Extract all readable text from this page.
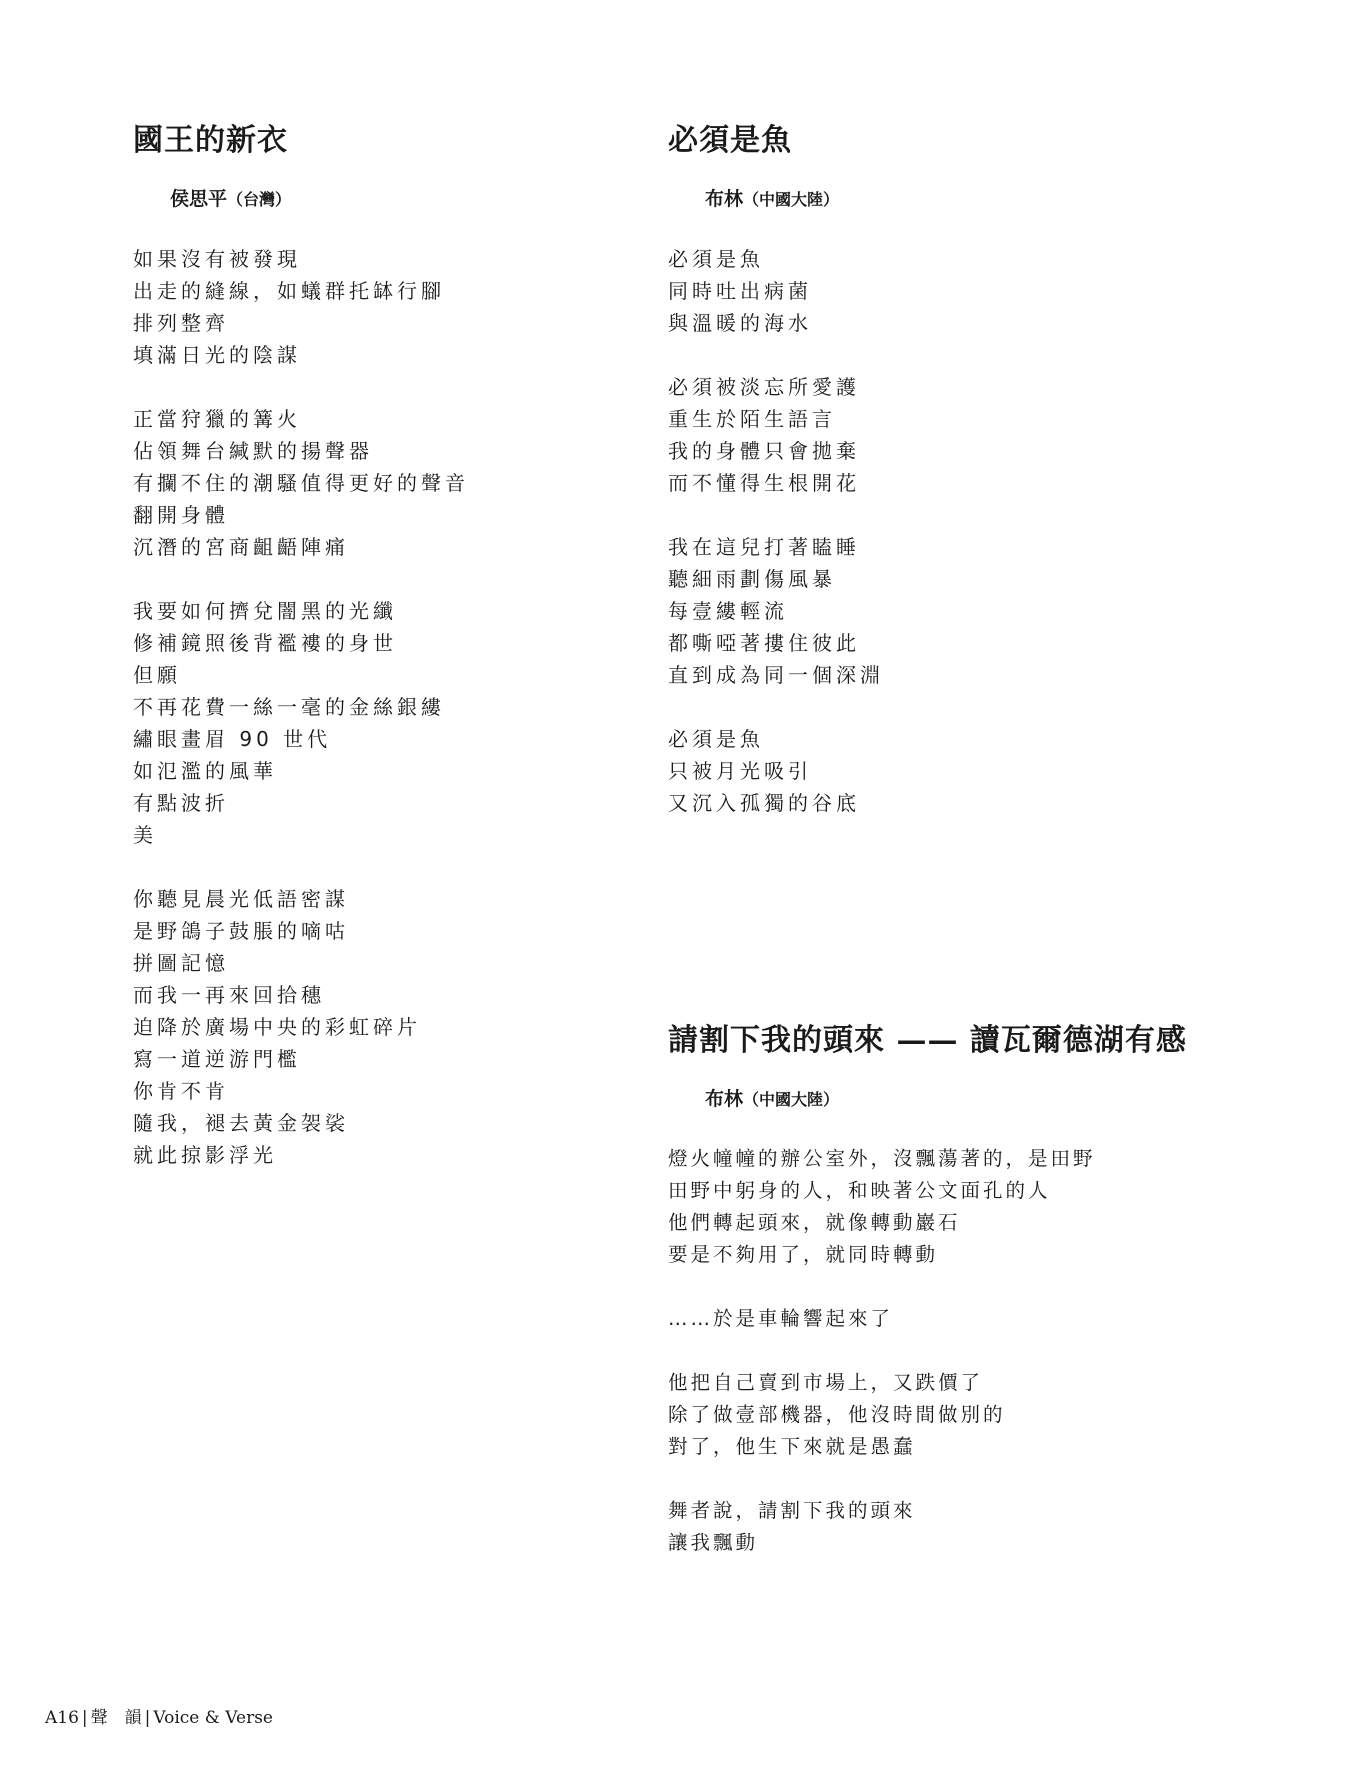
國王的新衣
侯思平（台灣）
如果沒有被發現
出走的縫線，如蟻群托缽行腳
排列整齊
填滿日光的陰謀
正當狩獵的篝火
佔領舞台緘默的揚聲器
有攔不住的潮騷值得更好的聲音
翻開身體
沉潛的宮商齟齬陣痛
我要如何擠兌闇黑的光纖
修補鏡照後背襤褸的身世
但願
不再花費一絲一毫的金絲銀縷
繡眼畫眉 90 世代
如氾濫的風華
有點波折
美
你聽見晨光低語密謀
是野鴿子鼓脹的嘀咕
拼圖記憶
而我一再來回拾穗
迫降於廣場中央的彩虹碎片
寫一道逆游門檻
你肯不肯
隨我，褪去黃金袈裟
就此掠影浮光
必須是魚
布林（中國大陸）
必須是魚
同時吐出病菌
與溫暖的海水
必須被淡忘所愛護
重生於陌生語言
我的身體只會拋棄
而不懂得生根開花
我在這兒打著瞌睡
聽細雨劃傷風暴
每壹縷輕流
都嘶啞著摟住彼此
直到成為同一個深淵
必須是魚
只被月光吸引
又沉入孤獨的谷底
請割下我的頭來 —— 讀瓦爾德湖有感
布林（中國大陸）
燈火幢幢的辦公室外，沒飄蕩著的，是田野
田野中躬身的人，和映著公文面孔的人
他們轉起頭來，就像轉動巖石
要是不夠用了，就同時轉動
……於是車輪響起來了
他把自己賣到市場上，又跌價了
除了做壹部機器，他沒時間做別的
對了，他生下來就是愚蠢
舞者說，請割下我的頭來
讓我飄動
A16 | 聲　韻 | Voice & Verse
